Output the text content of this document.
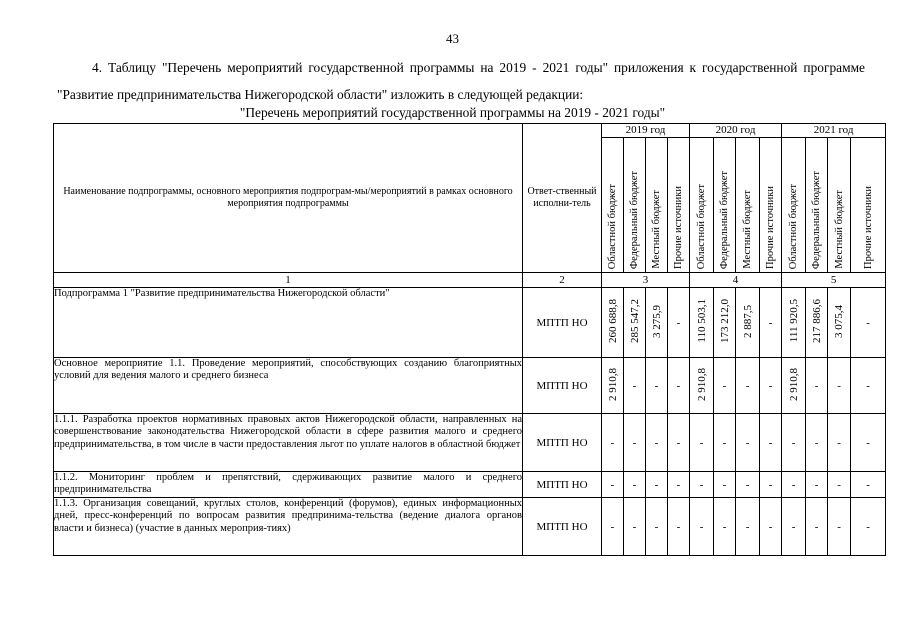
43

4. Таблицу "Перечень мероприятий государственной программы на 2019 - 2021 годы" приложения к государственной программе "Развитие предпринимательства Нижегородской области" изложить в следующей редакции:

"Перечень мероприятий государственной программы на 2019 - 2021 годы"
Наименование подпрограммы, основного мероприятия подпрограм-мы/мероприятий в рамках основного мероприятия подпрограммы	Ответ-ственный исполни-тель	2019 год				2020 год				2021 год			
		Областной бюджет	Федеральный бюджет	Местный бюджет	Прочие источники	Областной бюджет	Федеральный бюджет	Местный бюджет	Прочие источники	Областной бюджет	Федеральный бюджет	Местный бюджет	Прочие источники
1	2	3				4				5			
Подпрограмма 1 "Развитие предпринимательства Нижегородской области"	МПТП НО	260 688,8	285 547,2	3 275,9	-	110 503,1	173 212,0	2 887,5	-	111 920,5	217 886,6	3 075,4	-
Основное мероприятие 1.1. Проведение мероприятий, способствующих созданию благоприятных условий для ведения малого и среднего бизнеса	МПТП НО	2 910,8	-	-	-	2 910,8	-	-	-	2 910,8	-	-	-
1.1.1. Разработка проектов нормативных правовых актов Нижегородской области, направленных на совершенствование законодательства Нижегородской области в сфере развития малого и среднего предпринимательства, в том числе в части предоставления льгот по уплате налогов в областной бюджет	МПТП НО	-	-	-	-	-	-	-	-	-	-	-	-
1.1.2. Мониторинг проблем и препятствий, сдерживающих развитие малого и среднего предпринимательства	МПТП НО	-	-	-	-	-	-	-	-	-	-	-	-
1.1.3. Организация совещаний, круглых столов, конференций (форумов), единых информационных дней, пресс-конференций по вопросам развития предпринима-тельства (ведение диалога органов власти и бизнеса) (участие в данных мероприя-тиях)	МПТП НО	-	-	-	-	-	-	-	-	-	-	-	-
